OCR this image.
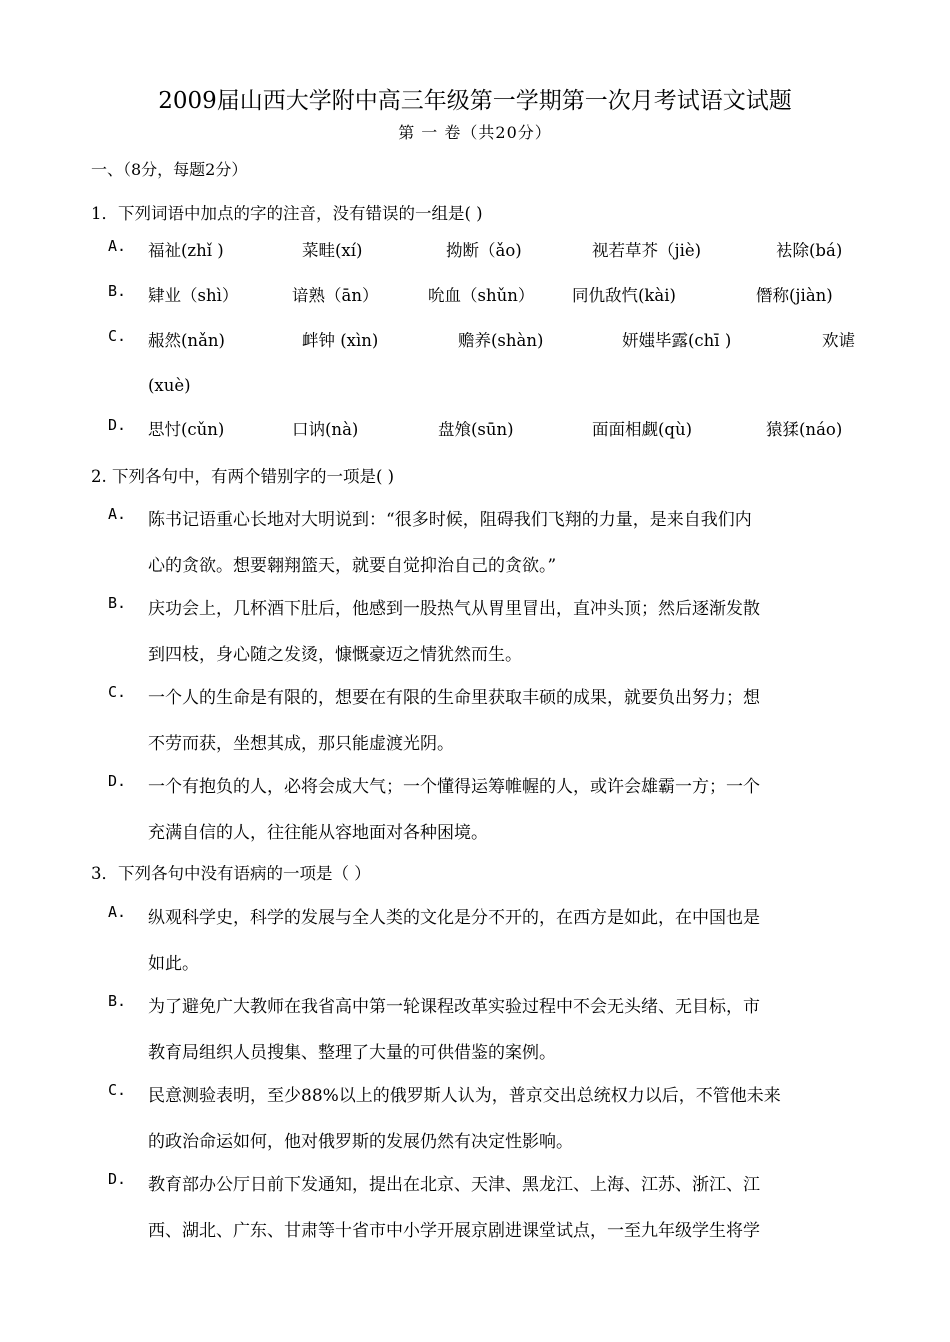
2009届山西大学附中高三年级第一学期第一次月考试语文试题
第 一 卷（共20分）
一、（8分，每题2分）
1．下列词语中加点的字的注音，没有错误的一组是( )
A. 福祉(zhǐ )	菜畦(xí)	拗断（ǎo)	视若草芥（jiè)	袪除(bá)
B. 肄业（shì）	谙熟（ān）	吮血（shǔn） 同仇敌忾(kài)	僭称(jiàn)
C. 赧然(nǎn)	衅钟 (xìn)	赡养(shàn)	妍媸毕露(chī )	欢谑
(xuè)
D. 思忖(cǔn)	口讷(nà)	盘飧(sūn)	面面相觑(qù)	猿猱(náo)
2. 下列各句中，有两个错别字的一项是( )
A. 陈书记语重心长地对大明说到：“很多时候，阻碍我们飞翔的力量，是来自我们内
心的贪欲。想要翱翔篮天，就要自觉抑治自己的贪欲。”
B. 庆功会上，几杯酒下肚后，他感到一股热气从胃里冒出，直冲头顶；然后逐渐发散
到四枝，身心随之发烫，慷慨豪迈之情犹然而生。
C. 一个人的生命是有限的，想要在有限的生命里获取丰硕的成果，就要负出努力；想
不劳而获，坐想其成，那只能虚渡光阴。
D. 一个有抱负的人，必将会成大气；一个懂得运筹帷幄的人，或许会雄霸一方；一个
充满自信的人，往往能从容地面对各种困境。
3．下列各句中没有语病的一项是（ ）
A. 纵观科学史，科学的发展与全人类的文化是分不开的，在西方是如此，在中国也是
如此。
B. 为了避免广大教师在我省高中第一轮课程改革实验过程中不会无头绪、无目标，市
教育局组织人员搜集、整理了大量的可供借鉴的案例。
C. 民意测验表明，至少88%以上的俄罗斯人认为，普京交出总统权力以后，不管他未来
的政治命运如何，他对俄罗斯的发展仍然有决定性影响。
D. 教育部办公厅日前下发通知，提出在北京、天津、黑龙江、上海、江苏、浙江、江
西、湖北、广东、甘肃等十省市中小学开展京剧进课堂试点，一至九年级学生将学
